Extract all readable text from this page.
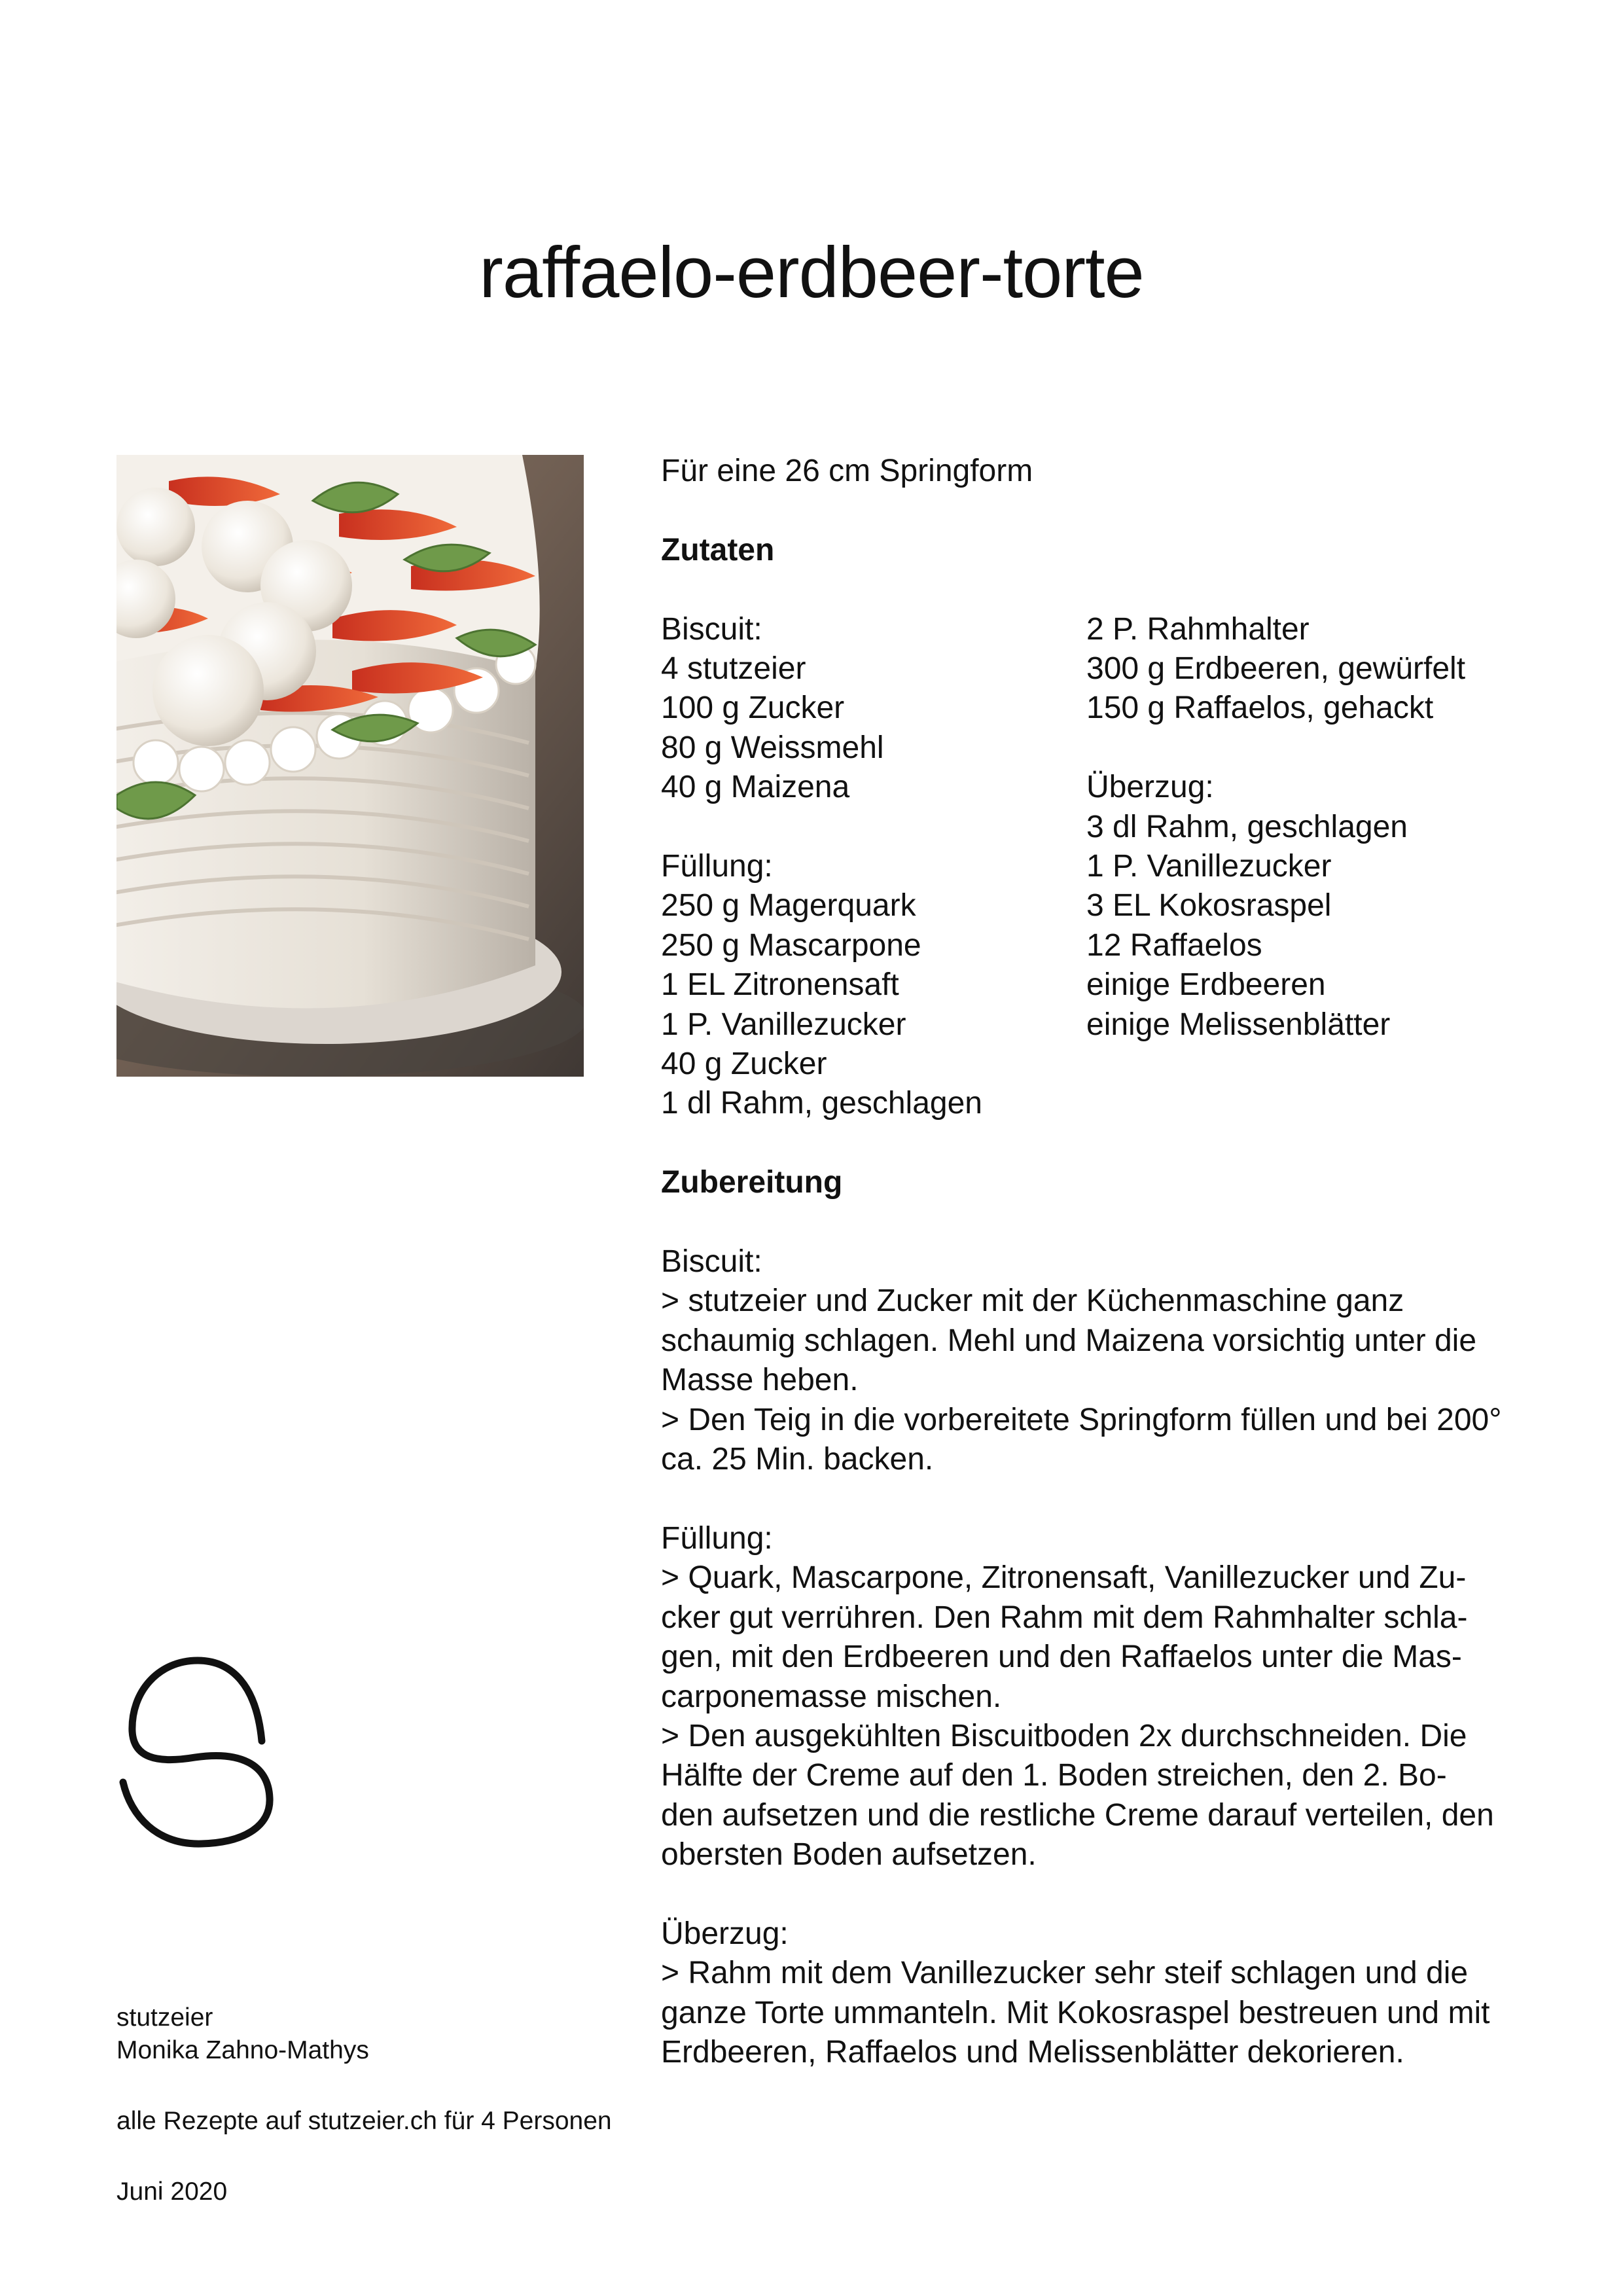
raffaelo-erdbeer-torte

Für eine 26 cm Springform

Zutaten

Biscuit:

4 stutzeier

100 g Zucker

80 g Weissmehl

40 g Maizena

Füllung:

250 g Magerquark

250 g Mascarpone

1 EL Zitronensaft

1 P. Vanillezucker

40 g Zucker

1 dl Rahm, geschlagen

2 P. Rahmhalter

300 g Erdbeeren, gewürfelt

150 g Raffaelos, gehackt

Überzug:

3 dl Rahm, geschlagen

1 P. Vanillezucker

3 EL Kokosraspel

12 Raffaelos

einige Erdbeeren

einige Melissenblätter

Zubereitung

Biscuit:

> stutzeier und Zucker mit der Küchenmaschine ganz

schaumig schlagen. Mehl und Maizena vorsichtig unter die

Masse heben.

> Den Teig in die vorbereitete Springform füllen und bei 200°

ca. 25 Min. backen.

Füllung:

> Quark, Mascarpone, Zitronensaft, Vanillezucker und Zu-

cker gut verrühren. Den Rahm mit dem Rahmhalter schla-

gen, mit den Erdbeeren und den Raffaelos unter die Mas-

carponemasse mischen.

> Den ausgekühlten Biscuitboden 2x durchschneiden. Die

Hälfte der Creme auf den 1. Boden streichen, den 2. Bo-

den aufsetzen und die restliche Creme darauf verteilen, den

obersten Boden aufsetzen.

Überzug:

> Rahm mit dem Vanillezucker sehr steif schlagen und die

ganze Torte ummanteln. Mit Kokosraspel bestreuen und mit

Erdbeeren, Raffaelos und Melissenblätter dekorieren.

stutzeier

Monika Zahno-Mathys

alle Rezepte auf stutzeier.ch für 4 Personen

Juni 2020
